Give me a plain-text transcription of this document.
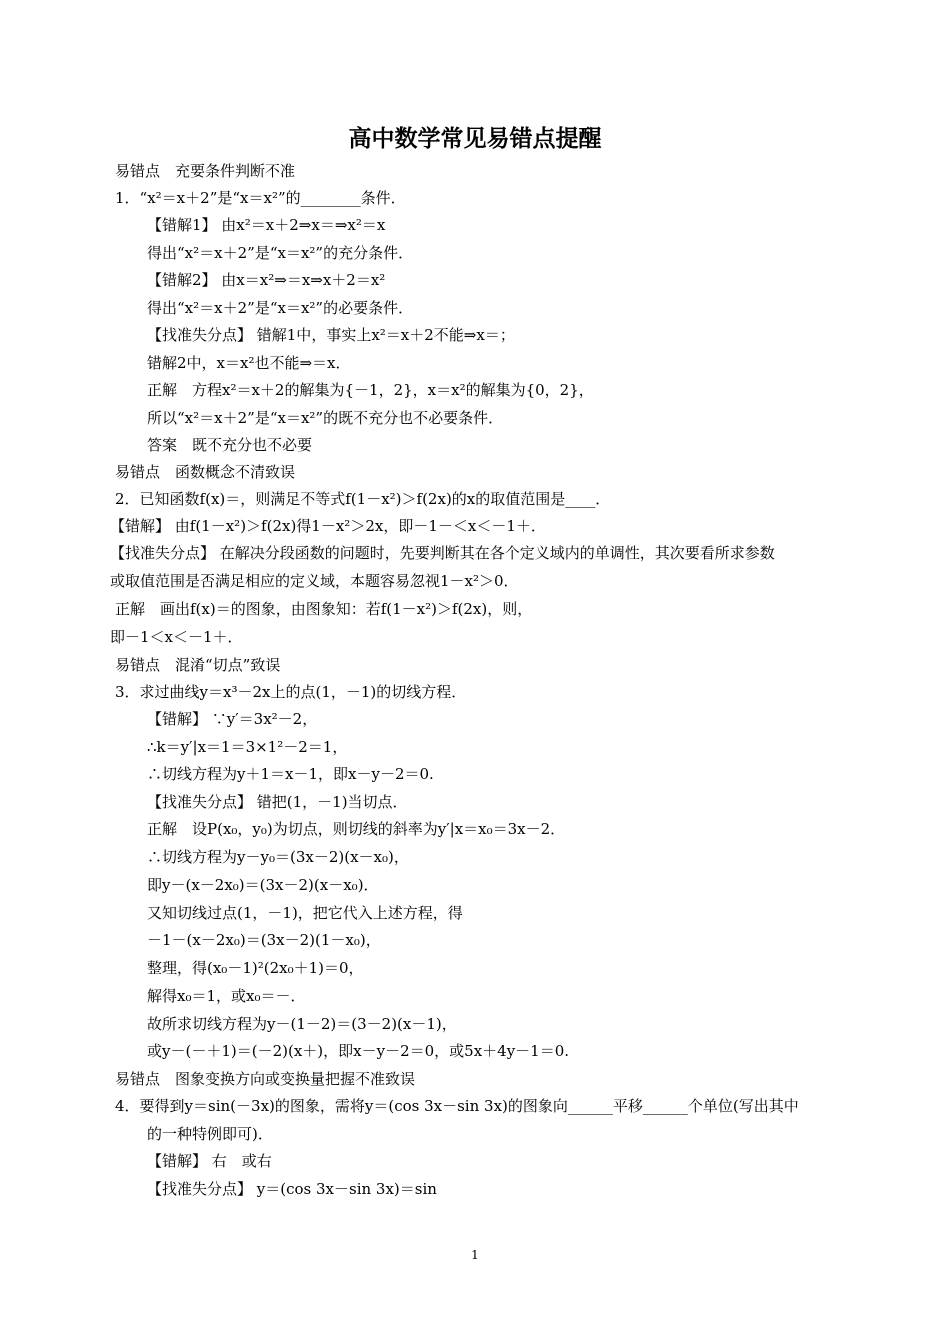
高中数学常见易错点提醒
易错点　充要条件判断不准
1．“x²＝x＋2”是“x＝x²”的________条件．
【错解1】 由x²＝x＋2⇒x＝⇒x²＝x
得出“x²＝x＋2”是“x＝x²”的充分条件．
【错解2】 由x＝x²⇒＝x⇒x＋2＝x²
得出“x²＝x＋2”是“x＝x²”的必要条件．
【找准失分点】 错解1中，事实上x²＝x＋2不能⇒x＝；
错解2中，x＝x²也不能⇒＝x．
正解　方程x²＝x＋2的解集为{－1，2}，x＝x²的解集为{0，2}，
所以“x²＝x＋2”是“x＝x²”的既不充分也不必要条件．
答案　既不充分也不必要
易错点　函数概念不清致误
2．已知函数f(x)＝，则满足不等式f(1－x²)＞f(2x)的x的取值范围是____．
【错解】 由f(1－x²)＞f(2x)得1－x²＞2x，即－1－＜x＜－1＋．
【找准失分点】 在解决分段函数的问题时，先要判断其在各个定义域内的单调性，其次要看所求参数
或取值范围是否满足相应的定义域，本题容易忽视1－x²＞0．
正解　画出f(x)＝的图象，由图象知：若f(1－x²)＞f(2x)，则，
即－1＜x＜－1＋．
易错点　混淆“切点”致误
3．求过曲线y＝x³－2x上的点(1，－1)的切线方程．
【错解】 ∵y′＝3x²－2，
∴k＝y′|x＝1＝3×1²－2＝1，
∴切线方程为y＋1＝x－1，即x－y－2＝0.
【找准失分点】 错把(1，－1)当切点．
正解　设P(x₀，y₀)为切点，则切线的斜率为y′|x＝x₀＝3x－2．
∴切线方程为y－y₀＝(3x－2)(x－x₀)，
即y－(x－2x₀)＝(3x－2)(x－x₀)．
又知切线过点(1，－1)，把它代入上述方程，得
－1－(x－2x₀)＝(3x－2)(1－x₀)，
整理，得(x₀－1)²(2x₀＋1)＝0，
解得x₀＝1，或x₀＝－．
故所求切线方程为y－(1－2)＝(3－2)(x－1)，
或y－(－＋1)＝(－2)(x＋)，即x－y－2＝0，或5x＋4y－1＝0.
易错点　图象变换方向或变换量把握不准致误
4．要得到y＝sin(－3x)的图象，需将y＝(cos 3x－sin 3x)的图象向______平移______个单位(写出其中
的一种特例即可)．
【错解】 右　或右
【找准失分点】 y＝(cos 3x－sin 3x)＝sin
1
